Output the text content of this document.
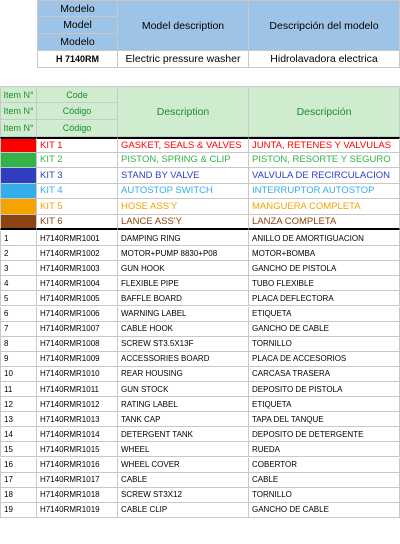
Modelo
Model
Modelo
Model description	Descripción del modelo
H 7140RM	Electric pressure washer	Hidrolavadora electrica
Item N°
Item N°
Item N°
Code
Código
Código
Description	Descripción
KIT 1	GASKET, SEALS & VALVES	JUNTA, RETENES Y VALVULAS
KIT 2	PISTON, SPRING & CLIP	PISTON, RESORTE Y SEGURO
KIT 3	STAND BY VALVE	VALVULA DE RECIRCULACION
KIT 4	AUTOSTOP SWITCH	INTERRUPTOR AUTOSTOP
KIT 5	HOSE ASS'Y	MANGUERA COMPLETA
KIT 6	LANCE ASS'Y	LANZA COMPLETA
1	H7140RMR1001	DAMPING RING	ANILLO DE AMORTIGUACION
2	H7140RMR1002	MOTOR+PUMP 8830+P08	MOTOR+BOMBA
3	H7140RMR1003	GUN HOOK	GANCHO DE PISTOLA
4	H7140RMR1004	FLEXIBLE PIPE	TUBO FLEXIBLE
5	H7140RMR1005	BAFFLE BOARD	PLACA DEFLECTORA
6	H7140RMR1006	WARNING LABEL	ETIQUETA
7	H7140RMR1007	CABLE HOOK	GANCHO DE CABLE
8	H7140RMR1008	SCREW ST3.5X13F	TORNILLO
9	H7140RMR1009	ACCESSORIES BOARD	PLACA DE ACCESORIOS
10	H7140RMR1010	REAR HOUSING	CARCASA TRASERA
11	H7140RMR1011	GUN STOCK	DEPOSITO DE PISTOLA
12	H7140RMR1012	RATING LABEL	ETIQUETA
13	H7140RMR1013	TANK CAP	TAPA DEL TANQUE
14	H7140RMR1014	DETERGENT TANK	DEPOSITO DE DETERGENTE
15	H7140RMR1015	WHEEL	RUEDA
16	H7140RMR1016	WHEEL COVER	COBERTOR
17	H7140RMR1017	CABLE	CABLE
18	H7140RMR1018	SCREW ST3X12	TORNILLO
19	H7140RMR1019	CABLE CLIP	GANCHO DE CABLE
